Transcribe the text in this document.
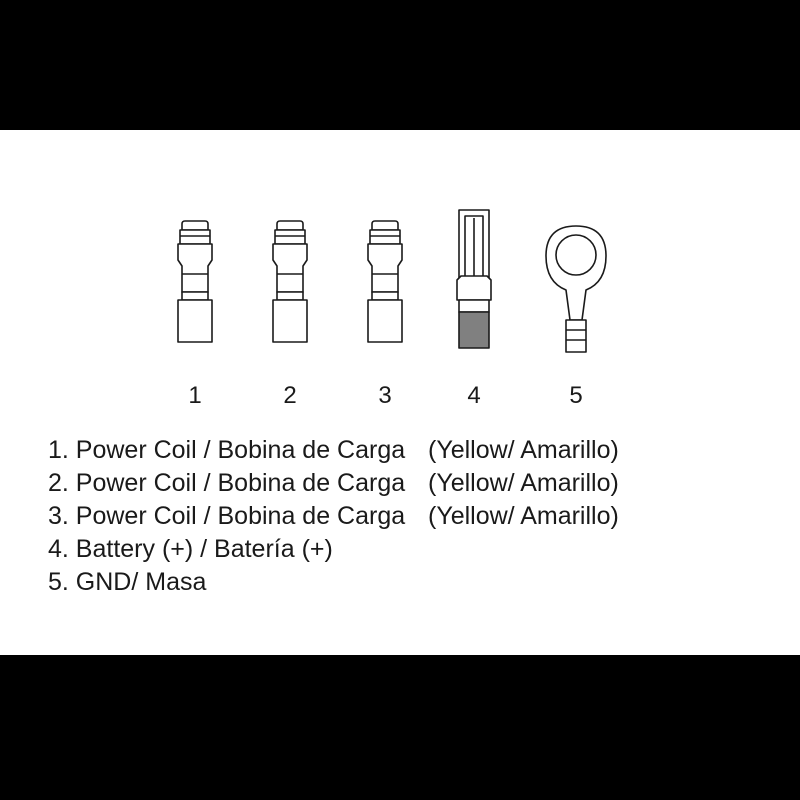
1	2	3	4	5
1. Power Coil / Bobina de Carga (Yellow/ Amarillo)
2. Power Coil / Bobina de Carga (Yellow/ Amarillo)
3. Power Coil / Bobina de Carga (Yellow/ Amarillo)
4. Battery (+) / Batería (+)
5. GND/ Masa
